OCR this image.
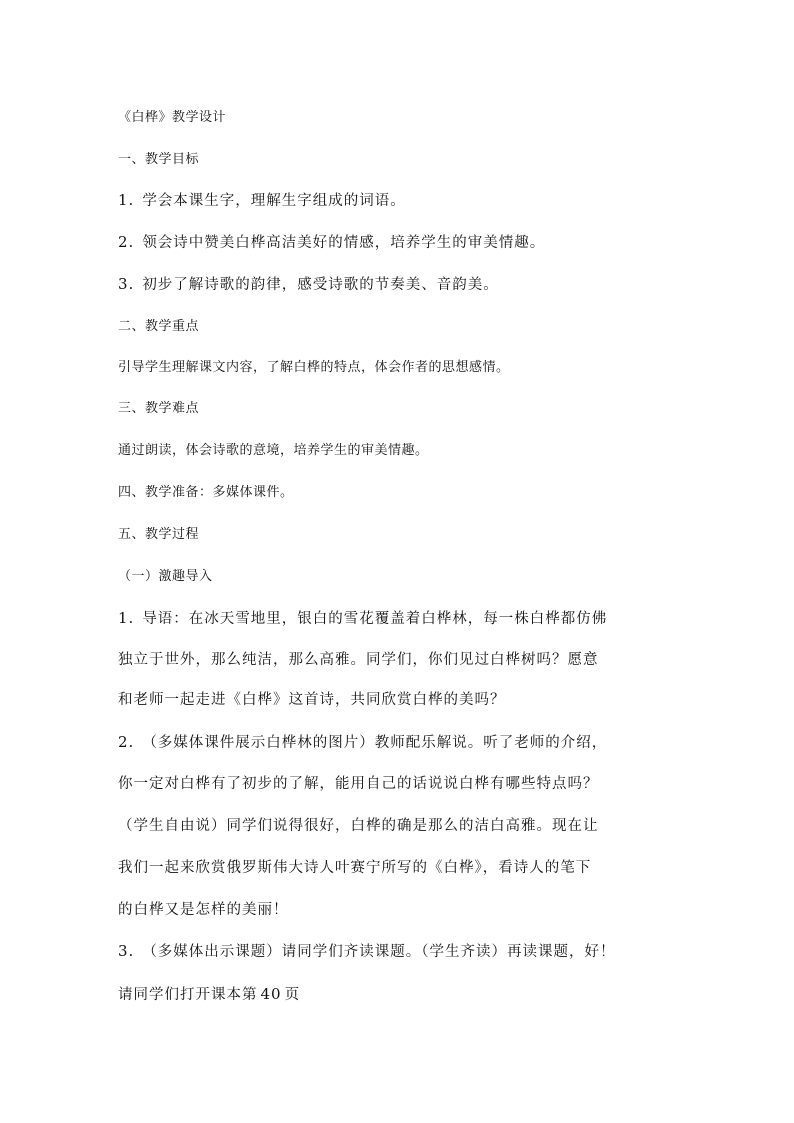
《白桦》教学设计
一、教学目标
1. 学会本课生字，理解生字组成的词语。
2. 领会诗中赞美白桦高洁美好的情感，培养学生的审美情趣。
3. 初步了解诗歌的韵律，感受诗歌的节奏美、音韵美。
二、教学重点
引导学生理解课文内容，了解白桦的特点，体会作者的思想感情。
三、教学难点
通过朗读，体会诗歌的意境，培养学生的审美情趣。
四、教学准备：多媒体课件。
五、教学过程
（一）激趣导入
1. 导语：在冰天雪地里，银白的雪花覆盖着白桦林，每一株白桦都仿佛
独立于世外，那么纯洁，那么高雅。同学们，你们见过白桦树吗？愿意
和老师一起走进《白桦》这首诗，共同欣赏白桦的美吗？
2. （多媒体课件展示白桦林的图片）教师配乐解说。听了老师的介绍，
你一定对白桦有了初步的了解，能用自己的话说说白桦有哪些特点吗？
（学生自由说）同学们说得很好，白桦的确是那么的洁白高雅。现在让
我们一起来欣赏俄罗斯伟大诗人叶赛宁所写的《白桦》，看诗人的笔下
的白桦又是怎样的美丽！
3. （多媒体出示课题）请同学们齐读课题。（学生齐读）再读课题，好！
请同学们打开课本第 40 页
